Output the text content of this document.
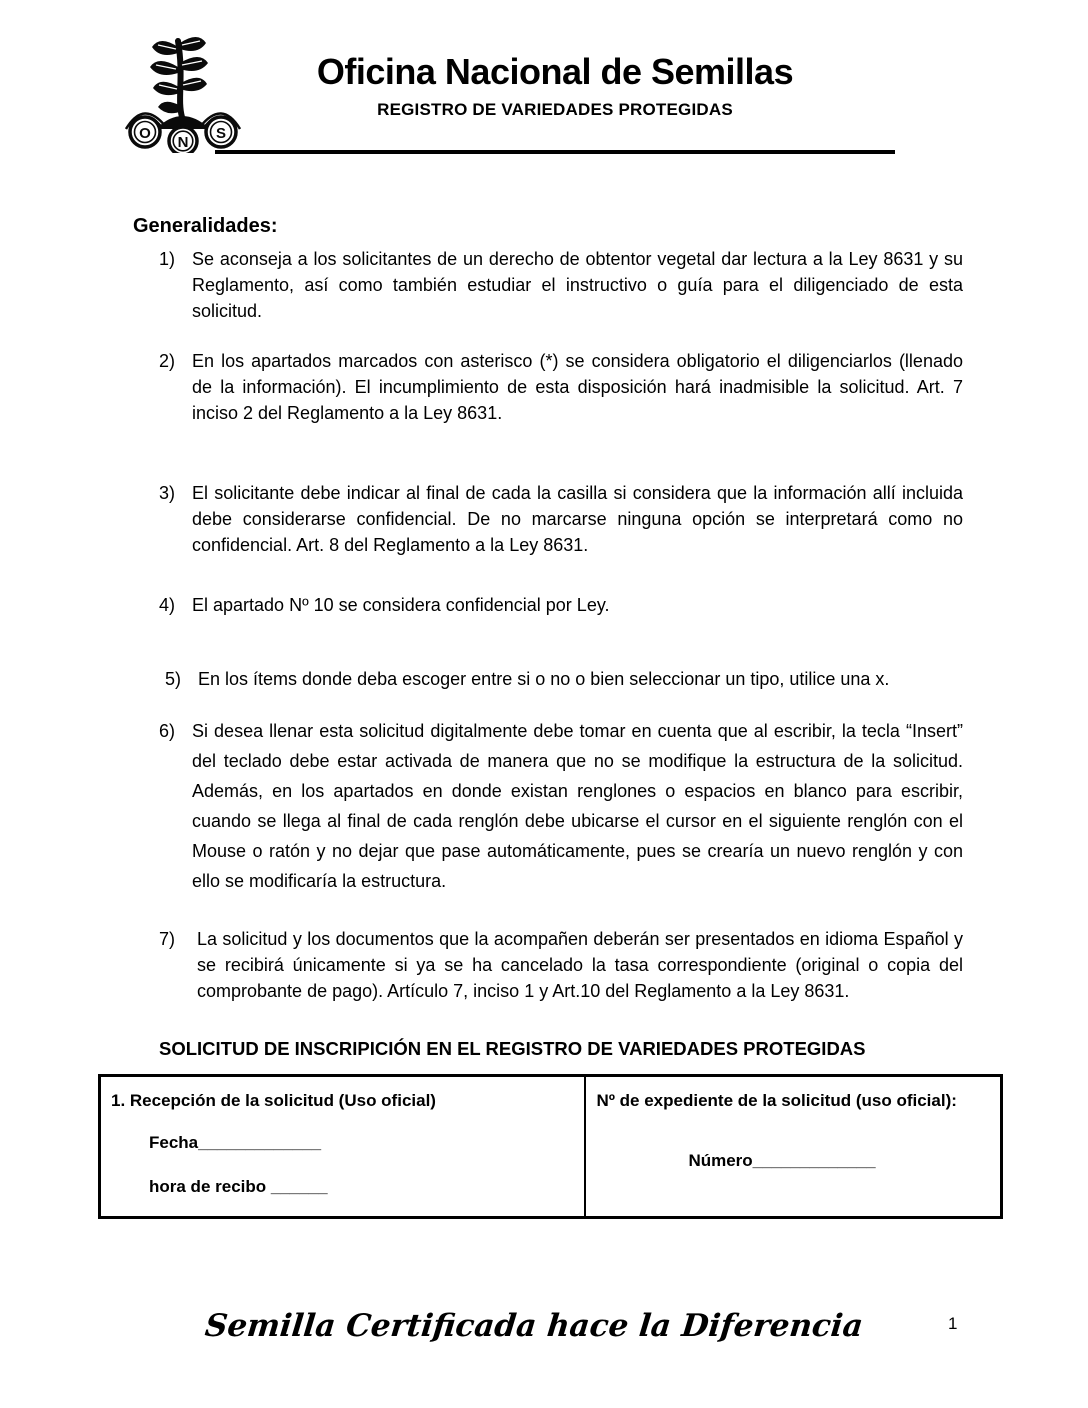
O
N
S
Oficina Nacional de Semillas
REGISTRO DE VARIEDADES PROTEGIDAS
Generalidades:
1) Se aconseja a los solicitantes de un derecho de obtentor vegetal dar lectura a la Ley 8631 y su Reglamento, así como también estudiar el instructivo o guía para el diligenciado de esta solicitud.
2) En los apartados marcados con asterisco (*) se considera obligatorio el diligenciarlos (llenado de la información). El incumplimiento de esta disposición hará inadmisible la solicitud. Art. 7 inciso 2 del Reglamento a la Ley 8631.
3) El solicitante debe indicar al final de cada la casilla si considera que la información allí incluida debe considerarse confidencial. De no marcarse ninguna opción se interpretará como no confidencial. Art. 8 del Reglamento a la Ley 8631.
4) El apartado Nº 10 se considera confidencial por Ley.
5) En los ítems donde deba escoger entre si o no o bien seleccionar un tipo, utilice una x.
6) Si desea llenar esta solicitud digitalmente debe tomar en cuenta que al escribir, la tecla “Insert” del teclado debe estar activada de manera que no se modifique la estructura de la solicitud. Además, en los apartados en donde existan renglones o espacios en blanco para escribir, cuando se llega al final de cada renglón debe ubicarse el cursor en el siguiente renglón con el Mouse o ratón y no dejar que pase automáticamente, pues se crearía un nuevo renglón y con ello se modificaría la estructura.
7)	La solicitud y los documentos que la acompañen deberán ser presentados en idioma Español y se recibirá únicamente si ya se ha cancelado la tasa correspondiente (original o copia del comprobante de pago). Artículo 7, inciso 1 y Art.10 del Reglamento a la Ley 8631.
SOLICITUD DE INSCRIPICIÓN EN EL REGISTRO DE VARIEDADES PROTEGIDAS
1. Recepción de la solicitud (Uso oficial)
Fecha_____________
hora de recibo ______
Nº de expediente de la solicitud (uso oficial):
Número_____________
Semilla Certificada hace la Diferencia	1
